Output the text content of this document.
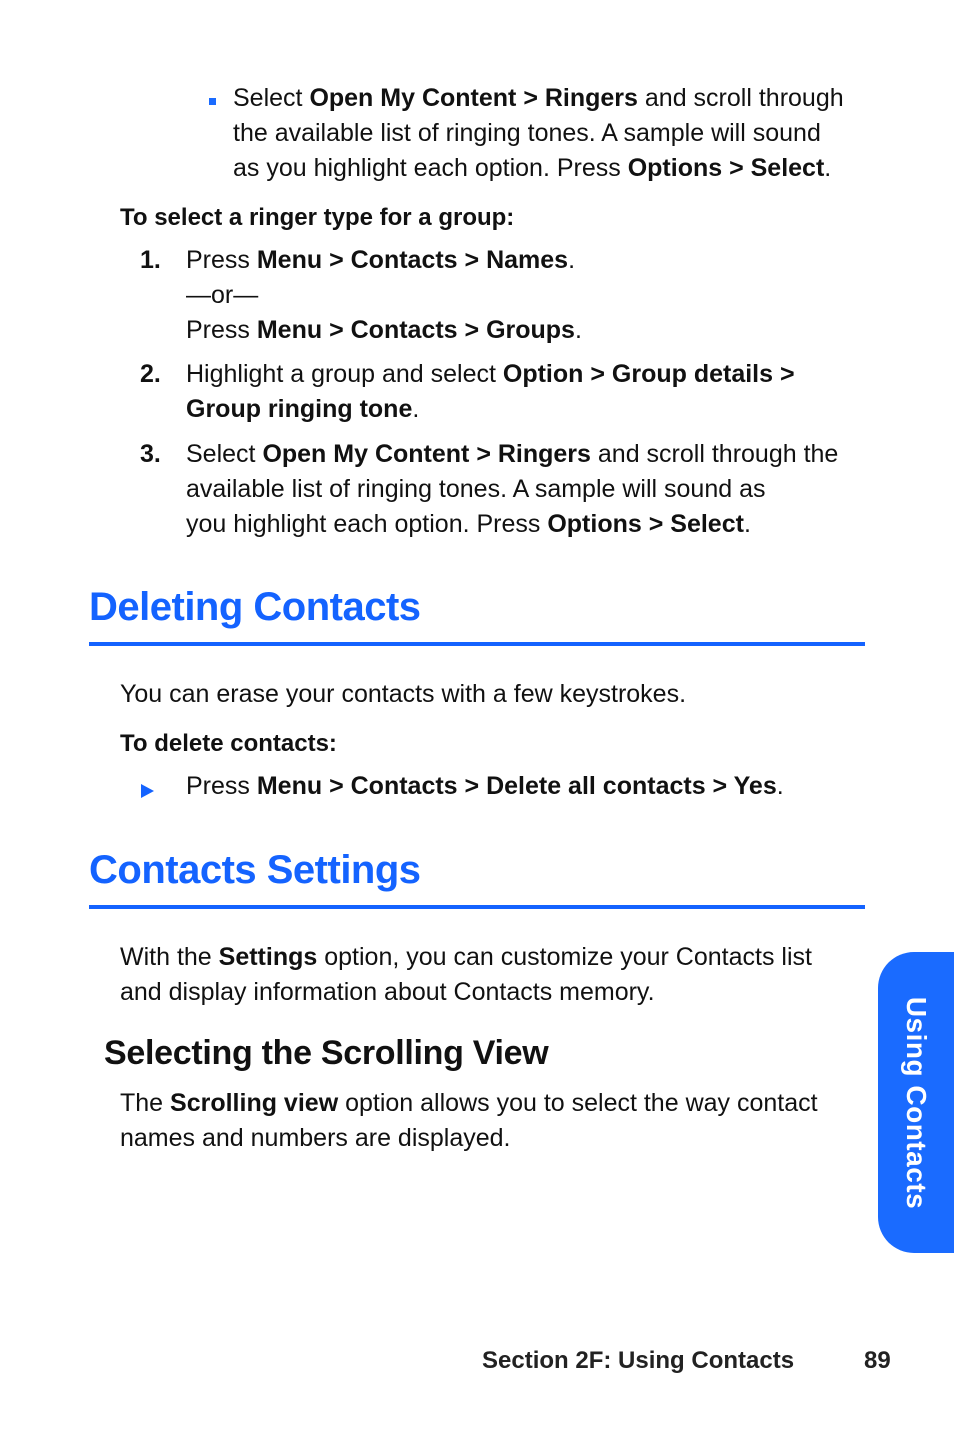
Select Open My Content > Ringers and scroll through
the available list of ringing tones. A sample will sound
as you highlight each option. Press Options > Select.
To select a ringer type for a group:
1. Press Menu > Contacts > Names.
—or—
Press Menu > Contacts > Groups.
2. Highlight a group and select Option > Group details >
Group ringing tone.
3. Select Open My Content > Ringers and scroll through the
available list of ringing tones. A sample will sound as
you highlight each option. Press Options > Select.
Deleting Contacts
You can erase your contacts with a few keystrokes.
To delete contacts:
Press Menu > Contacts > Delete all contacts > Yes.
Contacts Settings
With the Settings option, you can customize your Contacts list
and display information about Contacts memory.
Selecting the Scrolling View
The Scrolling view option allows you to select the way contact
names and numbers are displayed.	Using Contacts
Section 2F: Using Contacts	89
